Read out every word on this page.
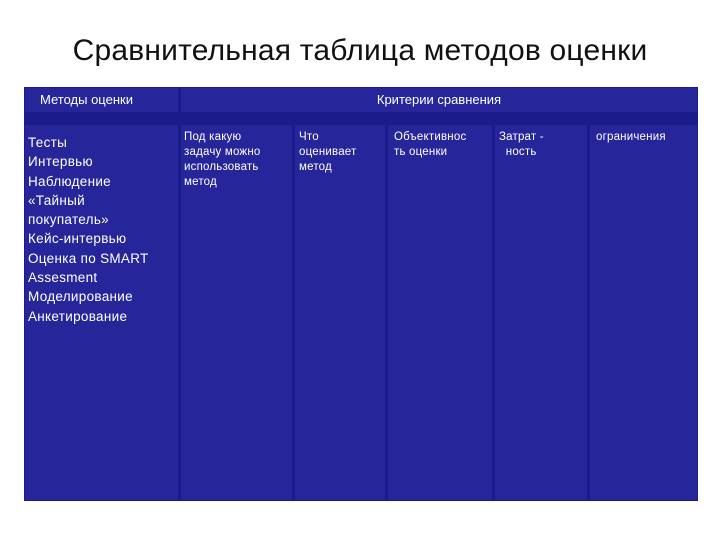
Сравнительная таблица методов оценки
Методы оценки	Критерии сравнения
Тесты
Интервью
Наблюдение
«Тайный
покупатель»
Кейс-интервью
Оценка по SMART
Assesment
Моделирование
Анкетирование
Под какую
задачу можно
использовать
метод
Что
оценивает
метод
Объективнос
ть оценки
Затрат -
ность
ограничения
